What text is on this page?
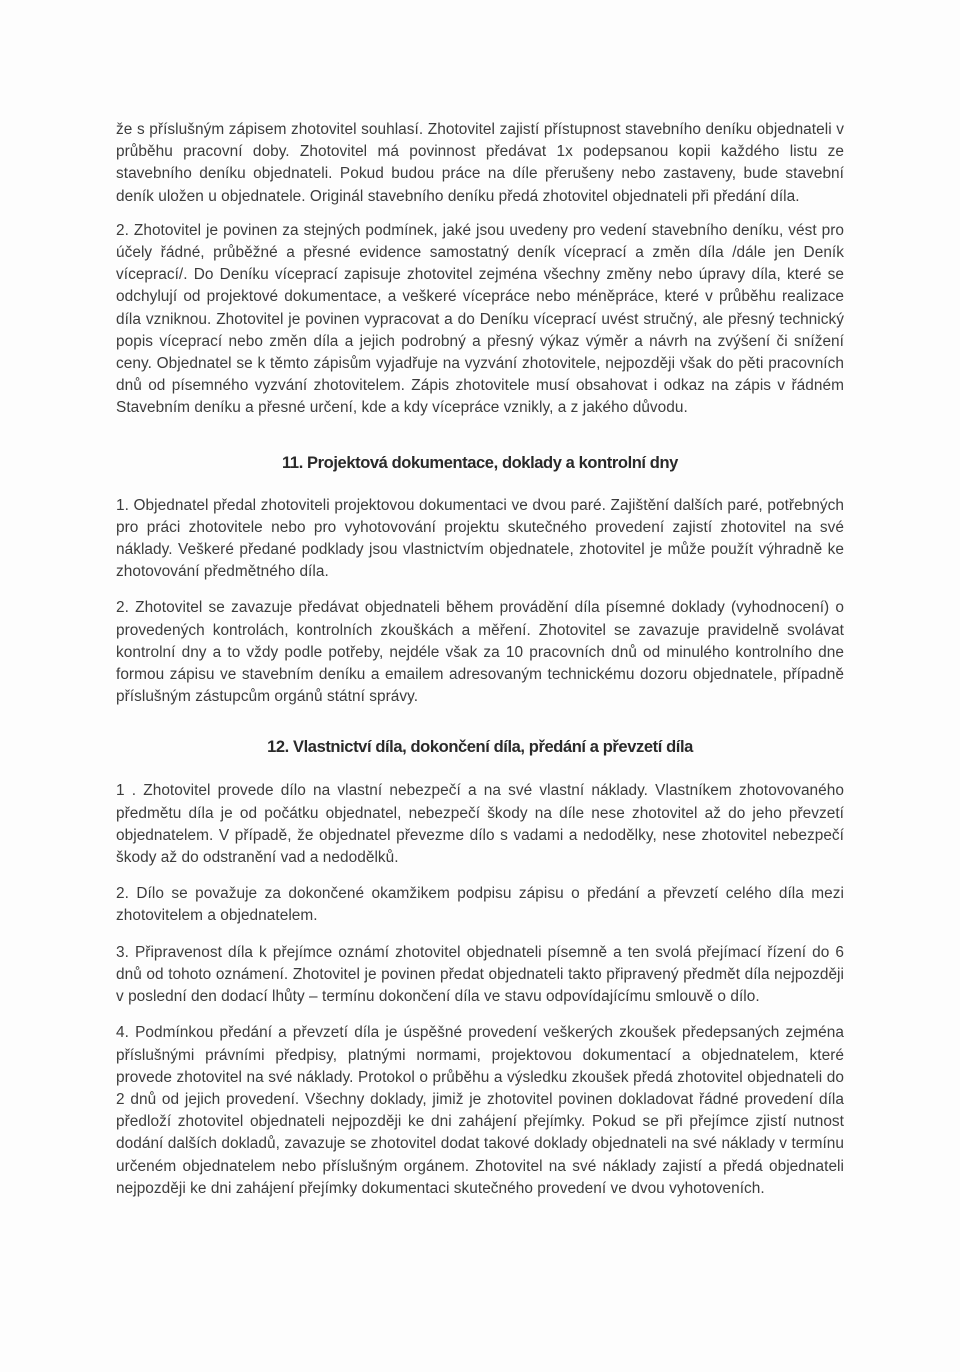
že s příslušným zápisem zhotovitel souhlasí. Zhotovitel zajistí přístupnost stavebního deníku objednateli v průběhu pracovní doby. Zhotovitel má povinnost předávat 1x podepsanou kopii každého listu ze stavebního deníku objednateli. Pokud budou práce na díle přerušeny nebo zastaveny, bude stavební deník uložen u objednatele. Originál stavebního deníku předá zhotovitel objednateli při předání díla.

2. Zhotovitel je povinen za stejných podmínek, jaké jsou uvedeny pro vedení stavebního deníku, vést pro účely řádné, průběžné a přesné evidence samostatný deník víceprací a změn díla /dále jen Deník víceprací/. Do Deníku víceprací zapisuje zhotovitel zejména všechny změny nebo úpravy díla, které se odchylují od projektové dokumentace, a veškeré vícepráce nebo méněpráce, které v průběhu realizace díla vzniknou. Zhotovitel je povinen vypracovat a do Deníku víceprací uvést stručný, ale přesný technický popis víceprací nebo změn díla a jejich podrobný a přesný výkaz výměr a návrh na zvýšení či snížení ceny. Objednatel se k těmto zápisům vyjadřuje na vyzvání zhotovitele, nejpozději však do pěti pracovních dnů od písemného vyzvání zhotovitelem. Zápis zhotovitele musí obsahovat i odkaz na zápis v řádném Stavebním deníku a přesné určení, kde a kdy vícepráce vznikly, a z jakého důvodu.

11. Projektová dokumentace, doklady a kontrolní dny

1. Objednatel předal zhotoviteli projektovou dokumentaci ve dvou paré. Zajištění dalších paré, potřebných pro práci zhotovitele nebo pro vyhotovování projektu skutečného provedení zajistí zhotovitel na své náklady. Veškeré předané podklady jsou vlastnictvím objednatele, zhotovitel je může použít výhradně ke zhotovování předmětného díla.

2. Zhotovitel se zavazuje předávat objednateli během provádění díla písemné doklady (vyhodnocení) o provedených kontrolách, kontrolních zkouškách a měření. Zhotovitel se zavazuje pravidelně svolávat kontrolní dny a to vždy podle potřeby, nejdéle však za 10 pracovních dnů od minulého kontrolního dne formou zápisu ve stavebním deníku a emailem adresovaným technickému dozoru objednatele, případně příslušným zástupcům orgánů státní správy.

12. Vlastnictví díla, dokončení díla, předání a převzetí díla

1 . Zhotovitel provede dílo na vlastní nebezpečí a na své vlastní náklady. Vlastníkem zhotovovaného předmětu díla je od počátku objednatel, nebezpečí škody na díle nese zhotovitel až do jeho převzetí objednatelem. V případě, že objednatel převezme dílo s vadami a nedodělky, nese zhotovitel nebezpečí škody až do odstranění vad a nedodělků.

2. Dílo se považuje za dokončené okamžikem podpisu zápisu o předání a převzetí celého díla mezi zhotovitelem a objednatelem.

3. Připravenost díla k přejímce oznámí zhotovitel objednateli písemně a ten svolá přejímací řízení do 6 dnů od tohoto oznámení. Zhotovitel je povinen předat objednateli takto připravený předmět díla nejpozději v poslední den dodací lhůty – termínu dokončení díla ve stavu odpovídajícímu smlouvě o dílo.

4. Podmínkou předání a převzetí díla je úspěšné provedení veškerých zkoušek předepsaných zejména příslušnými právními předpisy, platnými normami, projektovou dokumentací a objednatelem, které provede zhotovitel na své náklady. Protokol o průběhu a výsledku zkoušek předá zhotovitel objednateli do 2 dnů od jejich provedení. Všechny doklady, jimiž je zhotovitel povinen dokladovat řádné provedení díla předloží zhotovitel objednateli nejpozději ke dni zahájení přejímky. Pokud se při přejímce zjistí nutnost dodání dalších dokladů, zavazuje se zhotovitel dodat takové doklady objednateli na své náklady v termínu určeném objednatelem nebo příslušným orgánem. Zhotovitel na své náklady zajistí a předá objednateli nejpozději ke dni zahájení přejímky dokumentaci skutečného provedení ve dvou vyhotoveních.
